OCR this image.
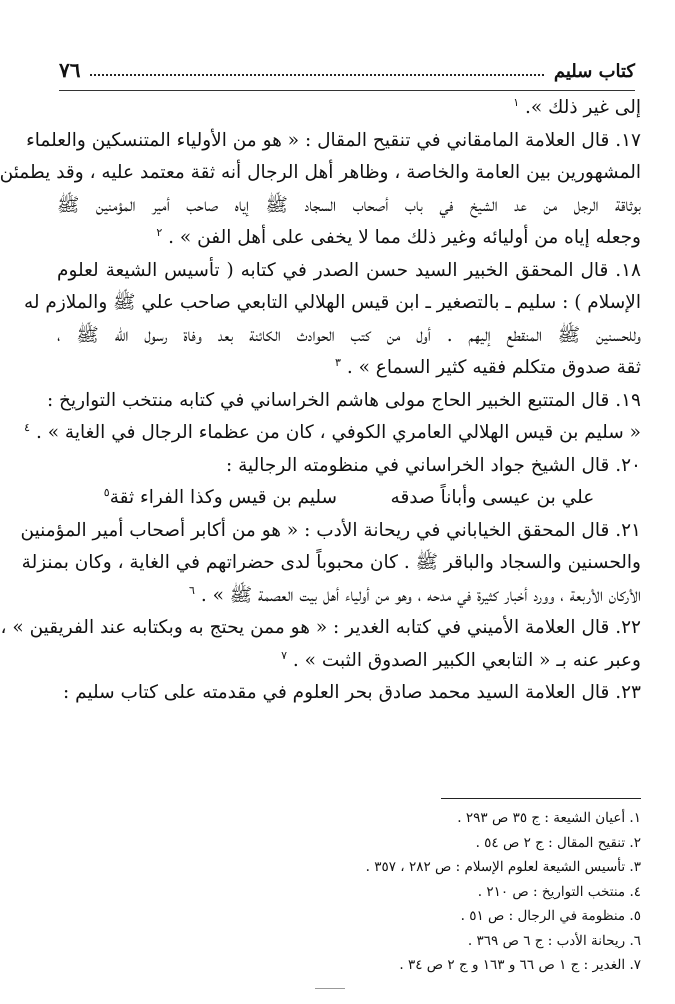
٧٦	كتاب سليم
إلى غير ذلك ». $^١$
١٧. قال العلامة المامقاني في تنقيح المقال : « هو من الأولياء المتنسكين والعلماء
المشهورين بين العامة والخاصة ، وظاهر أهل الرجال أنه ثقة معتمد عليه ، وقد يطمئن
بوثاقة الرجل من عد الشيخ في باب أصحاب السجاد ﷺ إياه صاحب أمير المؤمنين ﷺ
وجعله إياه من أوليائه وغير ذلك مما لا يخفى على أهل الفن » . $^٢$
١٨. قال المحقق الخبير السيد حسن الصدر في كتابه ( تأسيس الشيعة لعلوم
الإسلام ) : سليم ـ بالتصغير ـ ابن قيس الهلالي التابعي صاحب علي ﷺ والملازم له
وللحسنين ﷺ المنقطع إليهم . أول من كتب الحوادث الكائنة بعد وفاة رسول الله ﷺ ،
ثقة صدوق متكلم فقيه كثير السماع » . $^٣$
١٩. قال المتتبع الخبير الحاج مولى هاشم الخراساني في كتابه منتخب التواريخ :
« سليم بن قيس الهلالي العامري الكوفي ، كان من عظماء الرجال في الغاية » . $^٤$
٢٠. قال الشيخ جواد الخراساني في منظومته الرجالية :
علي بن عيسى وأباناً صدقه
سليم بن قيس وكذا الفراء ثقة$^٥$
٢١. قال المحقق الخياباني في ريحانة الأدب : « هو من أكابر أصحاب أمير المؤمنين
والحسنين والسجاد والباقر ﷺ . كان محبوباً لدى حضراتهم في الغاية ، وكان بمنزلة
الأركان الأربعة ، وورد أخبار كثيرة في مدحه ، وهو من أولياء أهل بيت العصمة ﷺ » . $^٦$
٢٢. قال العلامة الأميني في كتابه الغدير : « هو ممن يحتج به وبكتابه عند الفريقين » ،
وعبر عنه بـ « التابعي الكبير الصدوق الثبت » . $^٧$
٢٣. قال العلامة السيد محمد صادق بحر العلوم في مقدمته على كتاب سليم :
١. أعيان الشيعة : ج ٣٥ ص ٢٩٣ .
٢. تنقيح المقال : ج ٢ ص ٥٤ .
٣. تأسيس الشيعة لعلوم الإسلام : ص ٢٨٢ ، ٣٥٧ .
٤. منتخب التواريخ : ص ٢١٠ .
٥. منظومة في الرجال : ص ٥١ .
٦. ريحانة الأدب : ج ٦ ص ٣٦٩ .
٧. الغدير : ج ١ ص ٦٦ و ١٦٣ و ج ٢ ص ٣٤ .
